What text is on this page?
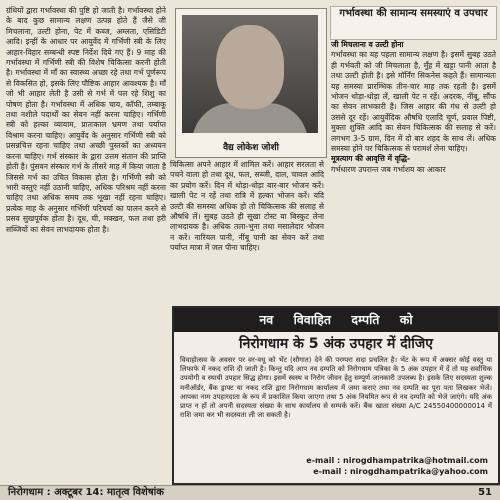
ग्रंथियों द्वारा गर्भावस्था की पुष्टि हो जाती है। गर्भावस्था होने के बाद कुछ सामान्य लक्षण उत्पन्न होते हैं जैसे जी मिचलाना, उल्टी होना, पेट में कब्ज, अम्लता, एसिडिटी आदि। इन्हीं के आधार पर आयुर्वेद में गर्भिणी स्त्री के लिए आहार-विहार सम्बन्धी स्पष्ट निर्देश दिये गए हैं। 9 माह की गर्भावस्था में गर्भिणी स्त्री की विशेष चिकित्सा करनी होती है। गर्भावस्था में मॉं का स्वास्थ्य अच्छा रहे तथा गर्भ पूर्णरूप से विकसित हो, इसके लिए पौष्टिक आहार आवश्यक है। माँ जो भी आहार लेती है उसी से गर्भ में पल रहे शिशु का पोषण होता है। गर्भावस्था में अधिक चाय, कॉफी, तम्बाकू तथा नशीले पदार्थों का सेवन नहीं करना चाहिए। गर्भिणी स्त्री को हल्का व्यायाम, प्रातःकाल भ्रमण तथा पर्याप्त विश्राम करना चाहिए। आयुर्वेद के अनुसार गर्भिणी स्त्री को प्रसन्नचित्त रहना चाहिए तथा अच्छी पुस्तकों का अध्ययन करना चाहिए। गर्भ संस्कार के द्वारा उत्तम संतान की प्राप्ति होती है। पुंसवन संस्कार गर्भ के तीसरे माह में किया जाता है जिससे गर्भ का उचित विकास होता है। गर्भिणी स्त्री को भारी वस्तुएं नहीं उठानी चाहिए, अधिक परिश्रम नहीं करना चाहिए तथा अधिक समय तक भूखा नहीं रहना चाहिए। प्रत्येक माह के अनुसार गर्भिणी परिचर्या का पालन करने से प्रसव सुखपूर्वक होता है। दूध, घी, मक्खन, फल तथा हरी सब्जियों का सेवन लाभदायक होता है।

वैद्य लोकेश जोशी

चिकित्सा अपने आहार में शामिल करें। आहार सरलता से पचने वाला हो तथा दूध, फल, सब्जी, दाल, चावल आदि का प्रयोग करें। दिन में थोड़ा-थोड़ा बार-बार भोजन करें। खाली पेट न रहें तथा रात्रि में हल्का भोजन करें। यदि उल्टी की समस्या अधिक हो तो चिकित्सक की सलाह से औषधि लें। सुबह उठते ही सूखा टोस्ट या बिस्कुट लेना लाभदायक है। अधिक तला-भुना तथा मसालेदार भोजन न करें। नारियल पानी, नींबू पानी का सेवन करें तथा पर्याप्त मात्रा में जल पीना चाहिए।

गर्भावस्था की सामान्य समस्याएं व उपचार

जी मिचलाना व उल्टी होना

गर्भावस्था का यह पहला सामान्य लक्षण है। इसमें सुबह उठते ही गर्भवती को जी मिचलाता है, मुँह में खट्टा पानी आता है तथा उल्टी होती है। इसे मॉर्निंग सिकनेस कहते हैं। सामान्यतः यह समस्या प्रारम्भिक तीन-चार माह तक रहती है। इसमें भोजन थोड़ा-थोड़ा लें, खाली पेट न रहें। अदरक, नींबू, सौंफ का सेवन लाभकारी है। जिस आहार की गंध से उल्टी हो उससे दूर रहें। आयुर्वेदिक औषधि एलादि चूर्ण, प्रवाल पिष्टी, मुक्ता शुक्ति आदि का सेवन चिकित्सक की सलाह से करें। लगभग 3-5 ग्राम, दिन में दो बार शहद के साथ लें। अधिक समस्या होने पर चिकित्सक से परामर्श लेना चाहिए।

मूत्रत्याग की आवृत्ति में वृद्धि-

गर्भधारण उपरान्त जब गर्भाशय का आकार

नव विवाहित दम्पति को
निरोगधाम के 5 अंक उपहार में दीजिए
विवाहोत्सव के अवसर पर वर-वधू को भेंट (सौगात) देने की परम्परा सदा प्रचलित है। भेंट के रूप में अक्सर कोई वस्तु या लिफाफे में नकद राशि दी जाती है। किन्तु यदि आप नव दम्पति को निरोगधाम पत्रिका के 5 अंक उपहार में दें तो यह सर्वाधिक उपयोगी व स्थायी उपहार सिद्ध होगा। इसमें स्वस्थ व निरोग जीवन हेतु सम्पूर्ण जानकारी उपलब्ध है। इसके लिए सदस्यता शुल्क मनीऑर्डर, बैंक ड्राफ्ट या नकद राशि द्वारा निरोगधाम कार्यालय में जमा कराएं तथा नव दम्पति का पूरा पता लिखकर भेजें। आपका नाम उपहारदाता के रूप में प्रकाशित किया जाएगा तथा 5 अंक नियमित रूप से नव दम्पति को भेजे जाएंगे। यदि अंक प्राप्त न हों तो अपनी सदस्यता संख्या के साथ कार्यालय से सम्पर्क करें। बैंक खाता संख्या A/C 24550400000014 में राशि जमा कर भी सदस्यता ली जा सकती है।
e-mail : nirogdhampatrika@hotmail.com
e-mail : nirogdhampatrika@yahoo.com
निरोगधाम : अक्टूबर 14: मातृत्व विशेषांक	51
